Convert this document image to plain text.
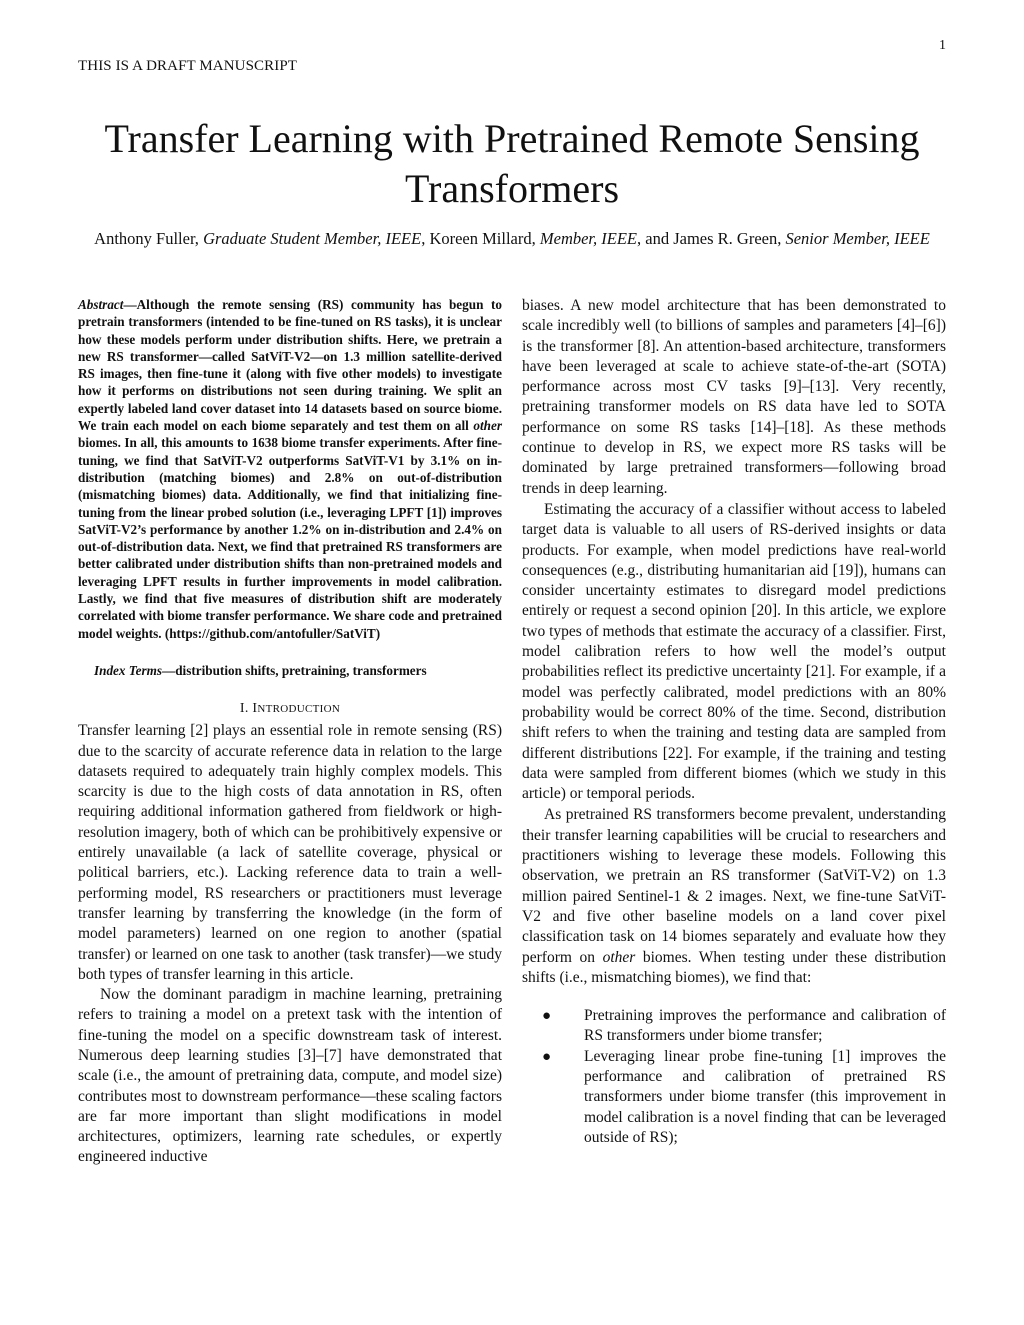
1
THIS IS A DRAFT MANUSCRIPT
Transfer Learning with Pretrained Remote Sensing Transformers
Anthony Fuller, Graduate Student Member, IEEE, Koreen Millard, Member, IEEE, and James R. Green, Senior Member, IEEE

Abstract—Although the remote sensing (RS) community has begun to pretrain transformers (intended to be fine-tuned on RS tasks), it is unclear how these models perform under distribution shifts. Here, we pretrain a new RS transformer—called SatViT-V2—on 1.3 million satellite-derived RS images, then fine-tune it (along with five other models) to investigate how it performs on distributions not seen during training. We split an expertly labeled land cover dataset into 14 datasets based on source biome. We train each model on each biome separately and test them on all other biomes. In all, this amounts to 1638 biome transfer experiments. After fine-tuning, we find that SatViT-V2 outperforms SatViT-V1 by 3.1% on in-distribution (matching biomes) and 2.8% on out-of-distribution (mismatching biomes) data. Additionally, we find that initializing fine-tuning from the linear probed solution (i.e., leveraging LPFT [1]) improves SatViT-V2’s performance by another 1.2% on in-distribution and 2.4% on out-of-distribution data. Next, we find that pretrained RS transformers are better calibrated under distribution shifts than non-pretrained models and leveraging LPFT results in further improvements in model calibration. Lastly, we find that five measures of distribution shift are moderately correlated with biome transfer performance. We share code and pretrained model weights. (https://github.com/antofuller/SatViT)

Index Terms—distribution shifts, pretraining, transformers

I. INTRODUCTION

Transfer learning [2] plays an essential role in remote sensing (RS) due to the scarcity of accurate reference data in relation to the large datasets required to adequately train highly complex models. This scarcity is due to the high costs of data annotation in RS, often requiring additional information gathered from fieldwork or high-resolution imagery, both of which can be prohibitively expensive or entirely unavailable (a lack of satellite coverage, physical or political barriers, etc.). Lacking reference data to train a well-performing model, RS researchers or practitioners must leverage transfer learning by transferring the knowledge (in the form of model parameters) learned on one region to another (spatial transfer) or learned on one task to another (task transfer)—we study both types of transfer learning in this article.

Now the dominant paradigm in machine learning, pretraining refers to training a model on a pretext task with the intention of fine-tuning the model on a specific downstream task of interest. Numerous deep learning studies [3]–[7] have demonstrated that scale (i.e., the amount of pretraining data, compute, and model size) contributes most to downstream performance—these scaling factors are far more important than slight modifications in model architectures, optimizers, learning rate schedules, or expertly engineered inductive

biases. A new model architecture that has been demonstrated to scale incredibly well (to billions of samples and parameters [4]–[6]) is the transformer [8]. An attention-based architecture, transformers have been leveraged at scale to achieve state-of-the-art (SOTA) performance across most CV tasks [9]–[13]. Very recently, pretraining transformer models on RS data have led to SOTA performance on some RS tasks [14]–[18]. As these methods continue to develop in RS, we expect more RS tasks will be dominated by large pretrained transformers—following broad trends in deep learning.

Estimating the accuracy of a classifier without access to labeled target data is valuable to all users of RS-derived insights or data products. For example, when model predictions have real-world consequences (e.g., distributing humanitarian aid [19]), humans can consider uncertainty estimates to disregard model predictions entirely or request a second opinion [20]. In this article, we explore two types of methods that estimate the accuracy of a classifier. First, model calibration refers to how well the model’s output probabilities reflect its predictive uncertainty [21]. For example, if a model was perfectly calibrated, model predictions with an 80% probability would be correct 80% of the time. Second, distribution shift refers to when the training and testing data are sampled from different distributions [22]. For example, if the training and testing data were sampled from different biomes (which we study in this article) or temporal periods.

As pretrained RS transformers become prevalent, understanding their transfer learning capabilities will be crucial to researchers and practitioners wishing to leverage these models. Following this observation, we pretrain an RS transformer (SatViT-V2) on 1.3 million paired Sentinel-1 & 2 images. Next, we fine-tune SatViT-V2 and five other baseline models on a land cover pixel classification task on 14 biomes separately and evaluate how they perform on other biomes. When testing under these distribution shifts (i.e., mismatching biomes), we find that:

● Pretraining improves the performance and calibration of RS transformers under biome transfer;
● Leveraging linear probe fine-tuning [1] improves the performance and calibration of pretrained RS transformers under biome transfer (this improvement in model calibration is a novel finding that can be leveraged outside of RS);
